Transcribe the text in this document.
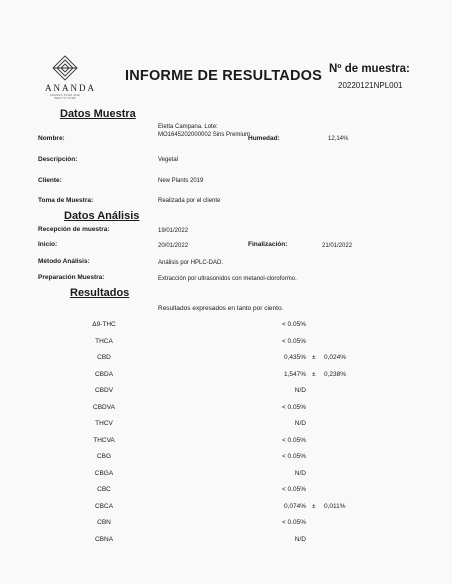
ANANDA
ANANDA FOOD AND HEALTH CORP
INFORME DE RESULTADOS Nº de muestra:
20220121NPL001
Datos Muestra
Nombre:
Eletta Campana. Lote: MO1645202000002 Sins Premium
Humedad:	12,14%
Descripción:	Vegetal
Cliente:	New Plants 2019
Toma de Muestra:	Realizada por el cliente
Datos Análisis
Recepción de muestra:	19/01/2022
Inicio:	20/01/2022	Finalización:	21/01/2022
Método Análisis:	Análisis por HPLC-DAD.
Preparación Muestra:	Extracción por ultrasonidos con metanol-cloroformo.
Resultados
Resultados expresados en tanto por ciento.
Δ9-THC	< 0.05%
THCA	< 0.05%
CBD	0,435% ± 0,024%
CBDA	1,547% ± 0,238%
CBDV	N/D
CBDVA	< 0.05%
THCV	N/D
THCVA	< 0.05%
CBG	< 0.05%
CBGA	N/D
CBC	< 0.05%
CBCA	0,074% ± 0,011%
CBN	< 0.05%
CBNA	N/D
